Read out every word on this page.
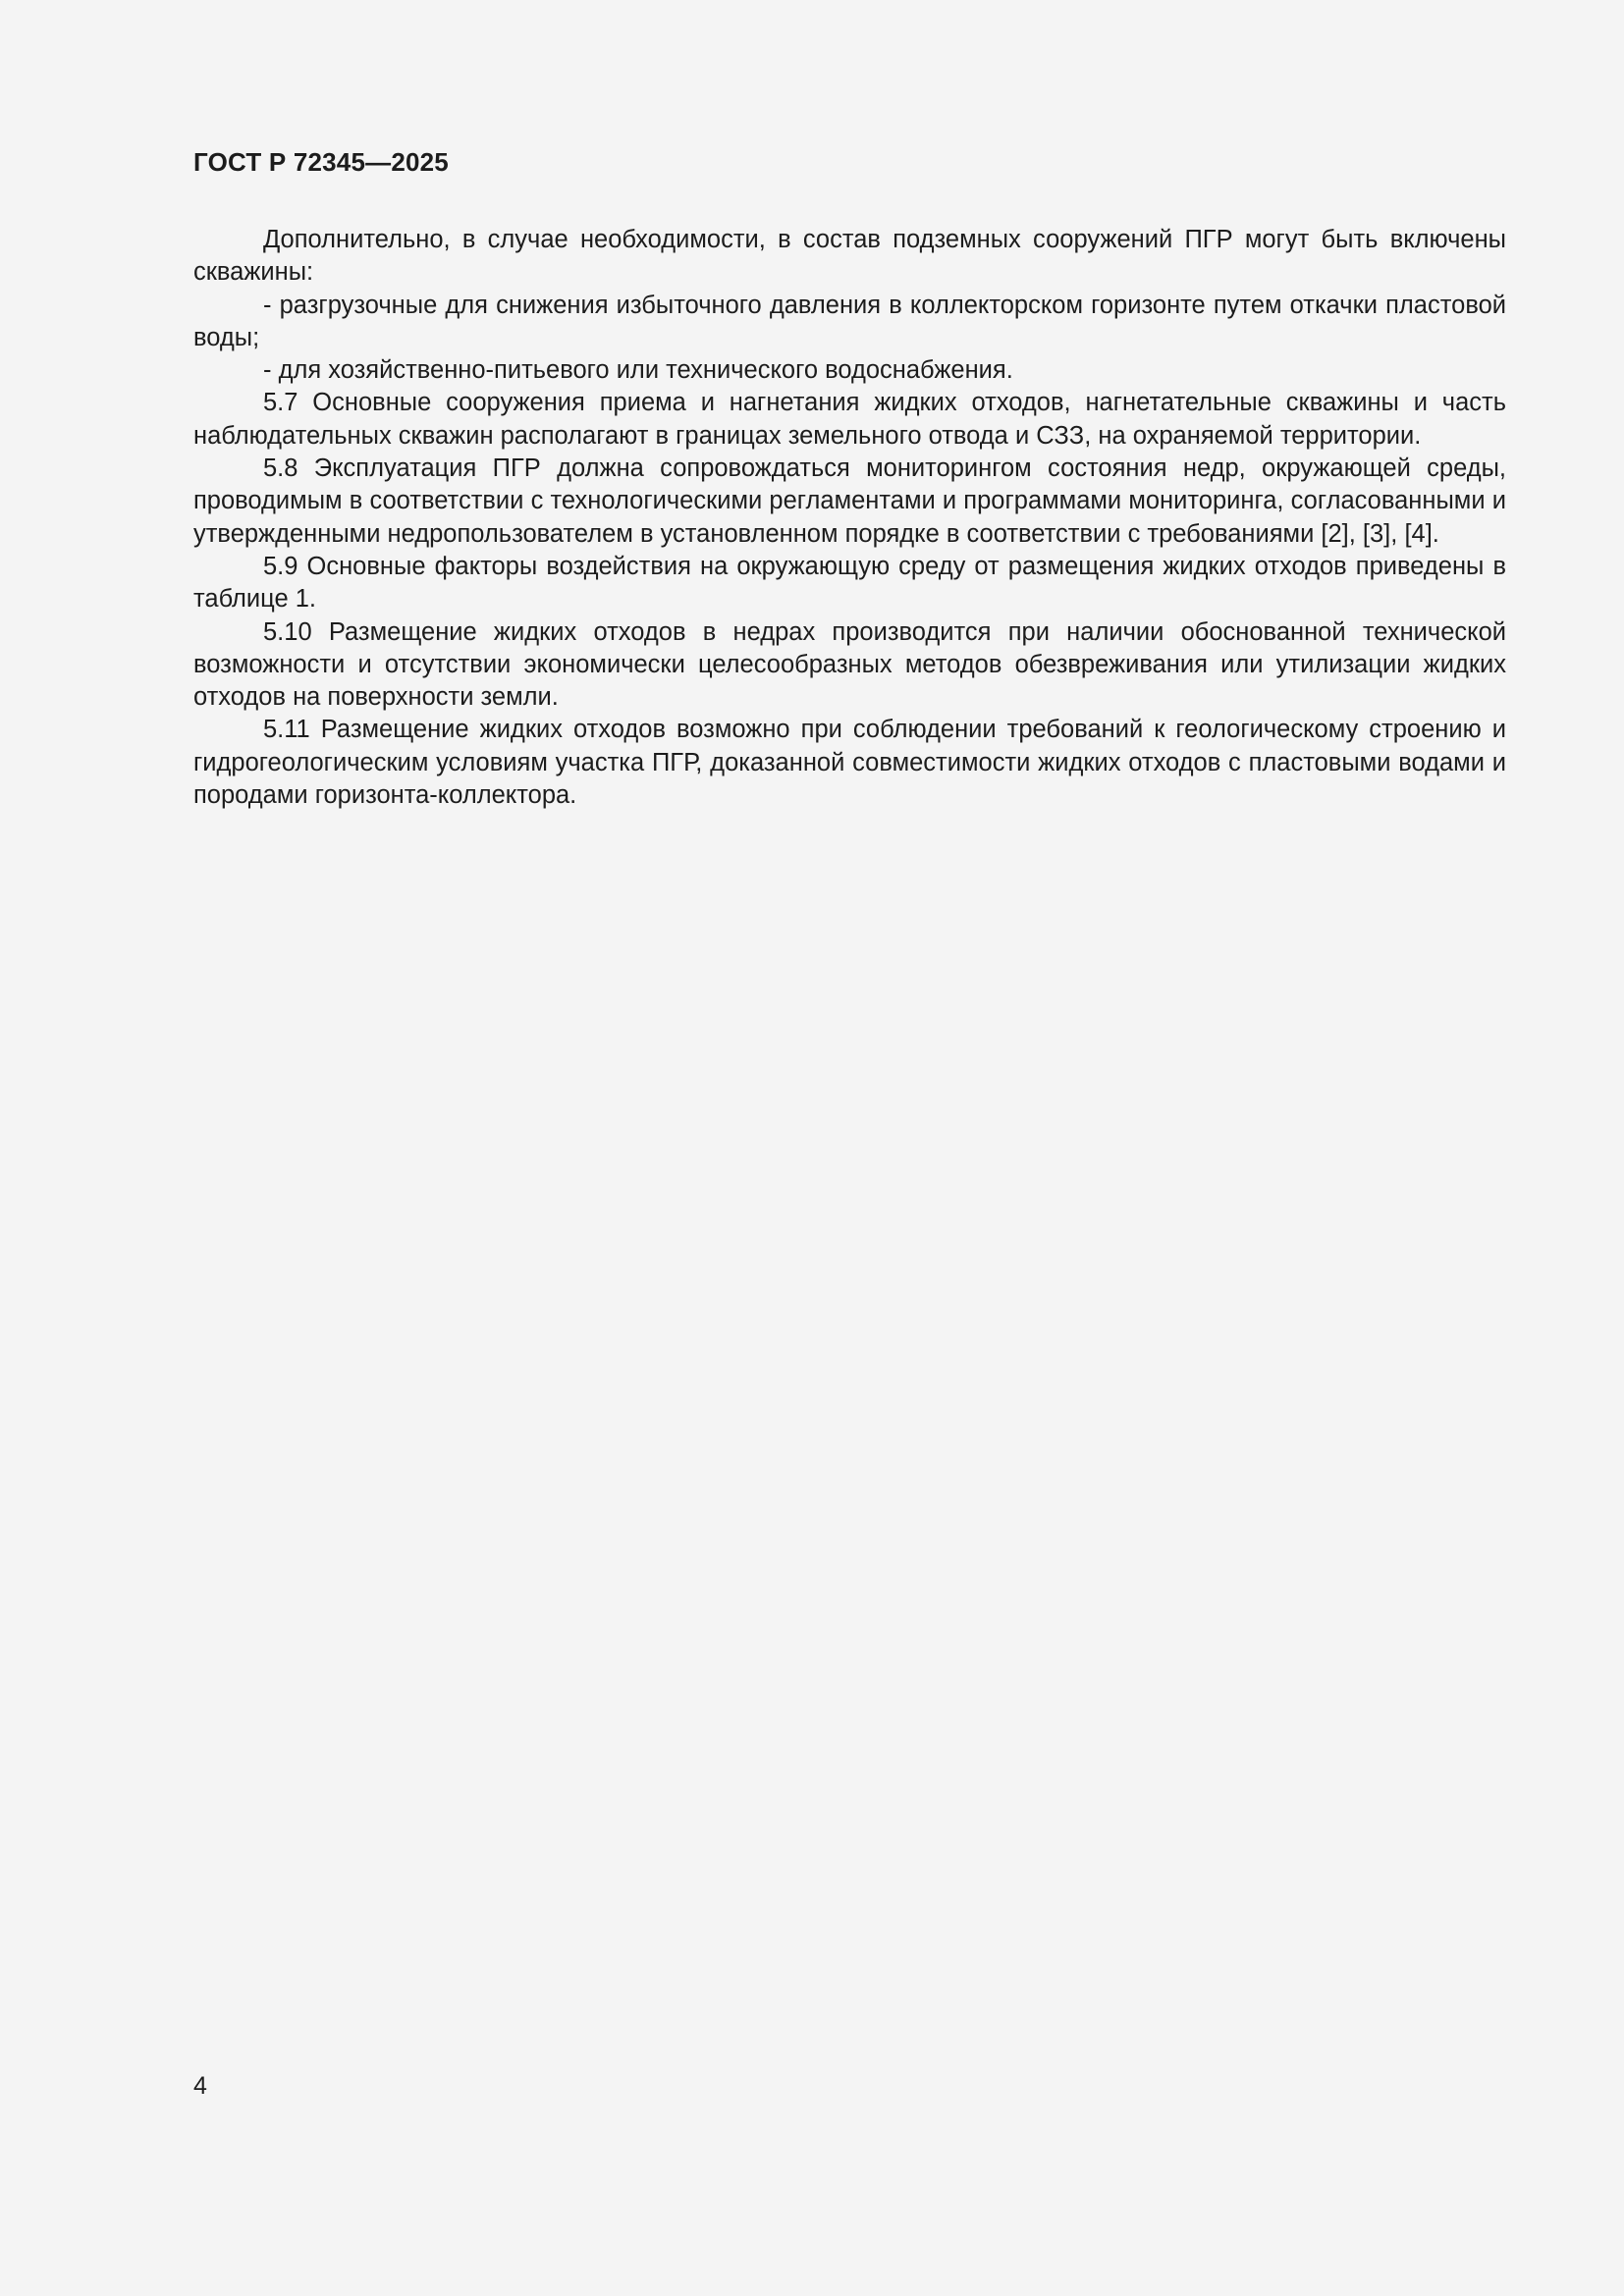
ГОСТ Р 72345—2025

Дополнительно, в случае необходимости, в состав подземных сооружений ПГР могут быть включены скважины:

- разгрузочные для снижения избыточного давления в коллекторском горизонте путем откачки пластовой воды;

- для хозяйственно-питьевого или технического водоснабжения.

5.7 Основные сооружения приема и нагнетания жидких отходов, нагнетательные скважины и часть наблюдательных скважин располагают в границах земельного отвода и СЗЗ, на охраняемой территории.

5.8 Эксплуатация ПГР должна сопровождаться мониторингом состояния недр, окружающей среды, проводимым в соответствии с технологическими регламентами и программами мониторинга, согласованными и утвержденными недропользователем в установленном порядке в соответствии с требованиями [2], [3], [4].

5.9 Основные факторы воздействия на окружающую среду от размещения жидких отходов приведены в таблице 1.

5.10 Размещение жидких отходов в недрах производится при наличии обоснованной технической возможности и отсутствии экономически целесообразных методов обезвреживания или утилизации жидких отходов на поверхности земли.

5.11 Размещение жидких отходов возможно при соблюдении требований к геологическому строению и гидрогеологическим условиям участка ПГР, доказанной совместимости жидких отходов с пластовыми водами и породами горизонта-коллектора.

4
